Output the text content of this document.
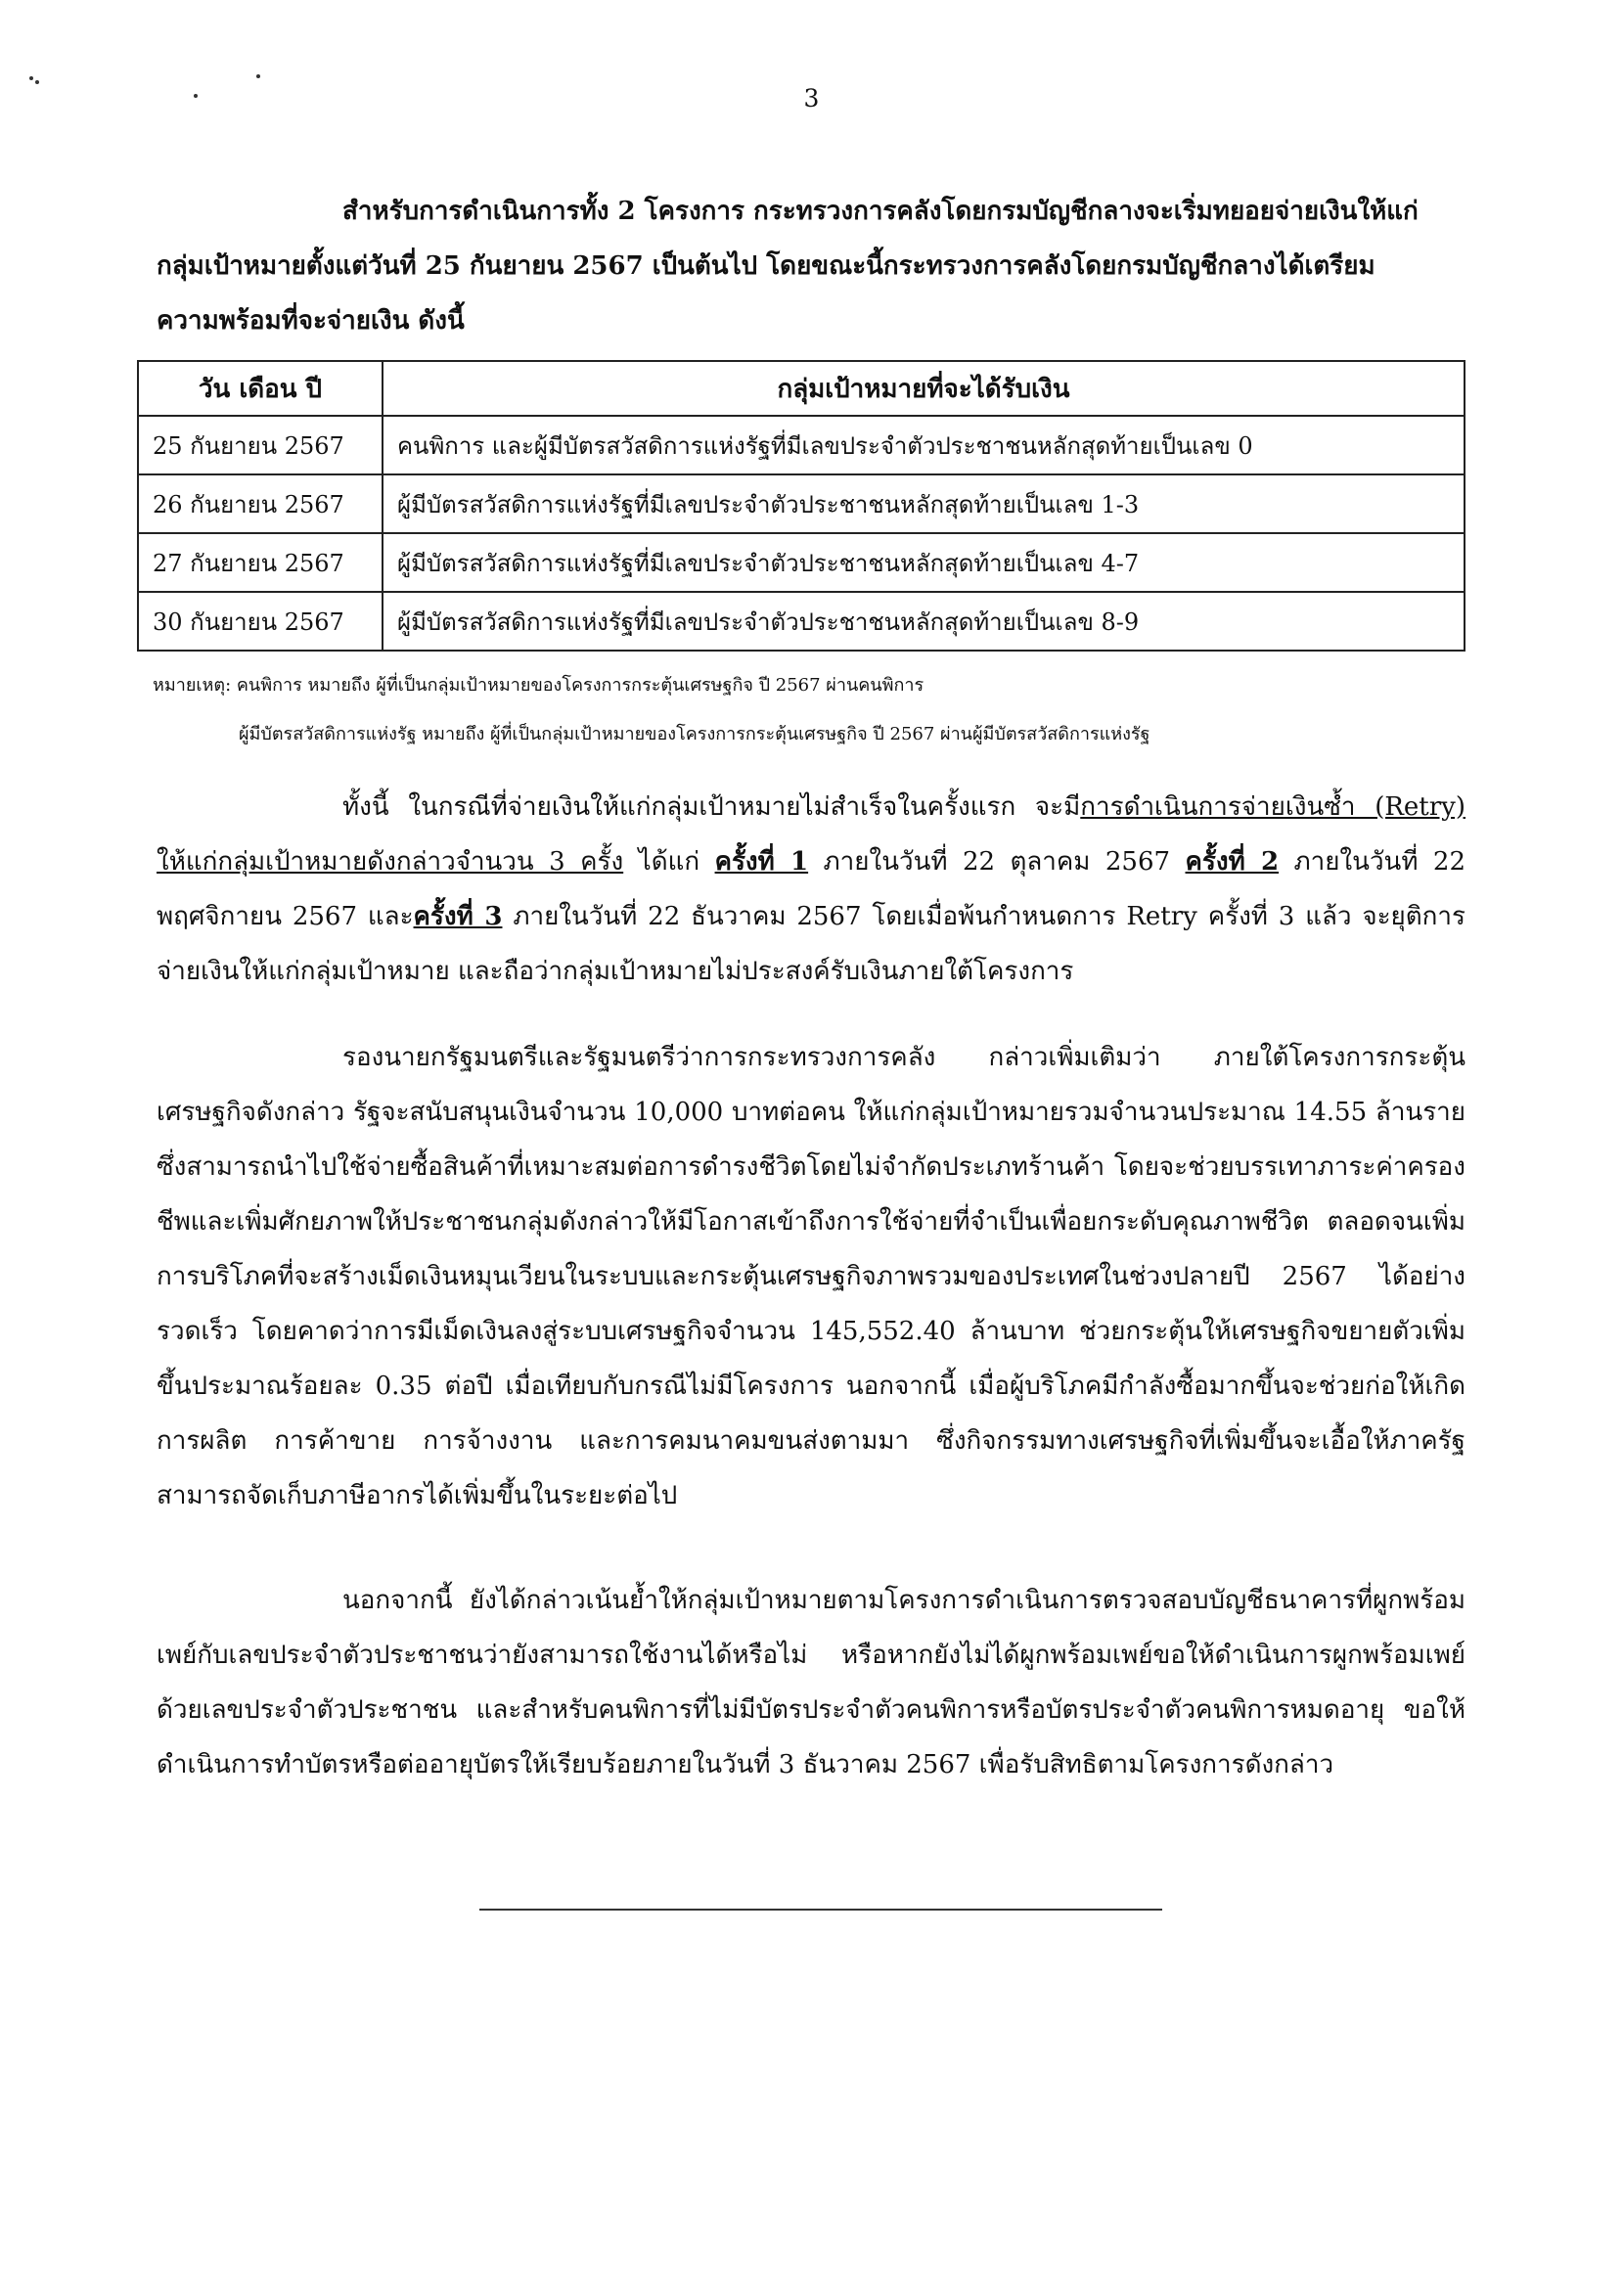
3
สำหรับการดำเนินการทั้ง 2 โครงการ กระทรวงการคลังโดยกรมบัญชีกลางจะเริ่มทยอยจ่ายเงินให้แก่
กลุ่มเป้าหมายตั้งแต่วันที่ 25 กันยายน 2567 เป็นต้นไป โดยขณะนี้กระทรวงการคลังโดยกรมบัญชีกลางได้เตรียม
ความพร้อมที่จะจ่ายเงิน ดังนี้
วัน เดือน ปี	กลุ่มเป้าหมายที่จะได้รับเงิน
25 กันยายน 2567	คนพิการ และผู้มีบัตรสวัสดิการแห่งรัฐที่มีเลขประจำตัวประชาชนหลักสุดท้ายเป็นเลข 0
26 กันยายน 2567	ผู้มีบัตรสวัสดิการแห่งรัฐที่มีเลขประจำตัวประชาชนหลักสุดท้ายเป็นเลข 1-3
27 กันยายน 2567	ผู้มีบัตรสวัสดิการแห่งรัฐที่มีเลขประจำตัวประชาชนหลักสุดท้ายเป็นเลข 4-7
30 กันยายน 2567	ผู้มีบัตรสวัสดิการแห่งรัฐที่มีเลขประจำตัวประชาชนหลักสุดท้ายเป็นเลข 8-9
หมายเหตุ: คนพิการ หมายถึง ผู้ที่เป็นกลุ่มเป้าหมายของโครงการกระตุ้นเศรษฐกิจ ปี 2567 ผ่านคนพิการ
ผู้มีบัตรสวัสดิการแห่งรัฐ หมายถึง ผู้ที่เป็นกลุ่มเป้าหมายของโครงการกระตุ้นเศรษฐกิจ ปี 2567 ผ่านผู้มีบัตรสวัสดิการแห่งรัฐ
ทั้งนี้ ในกรณีที่จ่ายเงินให้แก่กลุ่มเป้าหมายไม่สำเร็จในครั้งแรก จะมีการดำเนินการจ่ายเงินซ้ำ (Retry) ให้แก่กลุ่มเป้าหมายดังกล่าวจำนวน 3 ครั้ง ได้แก่ ครั้งที่ 1 ภายในวันที่ 22 ตุลาคม 2567 ครั้งที่ 2 ภายในวันที่ 22 พฤศจิกายน 2567 และครั้งที่ 3 ภายในวันที่ 22 ธันวาคม 2567 โดยเมื่อพ้นกำหนดการ Retry ครั้งที่ 3 แล้ว จะยุติการจ่ายเงินให้แก่กลุ่มเป้าหมาย และถือว่ากลุ่มเป้าหมายไม่ประสงค์รับเงินภายใต้โครงการ
รองนายกรัฐมนตรีและรัฐมนตรีว่าการกระทรวงการคลัง กล่าวเพิ่มเติมว่า ภายใต้โครงการกระตุ้นเศรษฐกิจดังกล่าว รัฐจะสนับสนุนเงินจำนวน 10,000 บาทต่อคน ให้แก่กลุ่มเป้าหมายรวมจำนวนประมาณ 14.55 ล้านราย ซึ่งสามารถนำไปใช้จ่ายซื้อสินค้าที่เหมาะสมต่อการดำรงชีวิตโดยไม่จำกัดประเภทร้านค้า โดยจะช่วยบรรเทาภาระค่าครองชีพและเพิ่มศักยภาพให้ประชาชนกลุ่มดังกล่าวให้มีโอกาสเข้าถึงการใช้จ่ายที่จำเป็นเพื่อยกระดับคุณภาพชีวิต ตลอดจนเพิ่มการบริโภคที่จะสร้างเม็ดเงินหมุนเวียนในระบบและกระตุ้นเศรษฐกิจภาพรวมของประเทศในช่วงปลายปี 2567 ได้อย่างรวดเร็ว โดยคาดว่าการมีเม็ดเงินลงสู่ระบบเศรษฐกิจจำนวน 145,552.40 ล้านบาท ช่วยกระตุ้นให้เศรษฐกิจขยายตัวเพิ่มขึ้นประมาณร้อยละ 0.35 ต่อปี เมื่อเทียบกับกรณีไม่มีโครงการ นอกจากนี้ เมื่อผู้บริโภคมีกำลังซื้อมากขึ้นจะช่วยก่อให้เกิดการผลิต การค้าขาย การจ้างงาน และการคมนาคมขนส่งตามมา ซึ่งกิจกรรมทางเศรษฐกิจที่เพิ่มขึ้นจะเอื้อให้ภาครัฐสามารถจัดเก็บภาษีอากรได้เพิ่มขึ้นในระยะต่อไป
นอกจากนี้ ยังได้กล่าวเน้นย้ำให้กลุ่มเป้าหมายตามโครงการดำเนินการตรวจสอบบัญชีธนาคารที่ผูกพร้อมเพย์กับเลขประจำตัวประชาชนว่ายังสามารถใช้งานได้หรือไม่ หรือหากยังไม่ได้ผูกพร้อมเพย์ขอให้ดำเนินการผูกพร้อมเพย์ด้วยเลขประจำตัวประชาชน และสำหรับคนพิการที่ไม่มีบัตรประจำตัวคนพิการหรือบัตรประจำตัวคนพิการหมดอายุ ขอให้ดำเนินการทำบัตรหรือต่ออายุบัตรให้เรียบร้อยภายในวันที่ 3 ธันวาคม 2567 เพื่อรับสิทธิตามโครงการดังกล่าว
